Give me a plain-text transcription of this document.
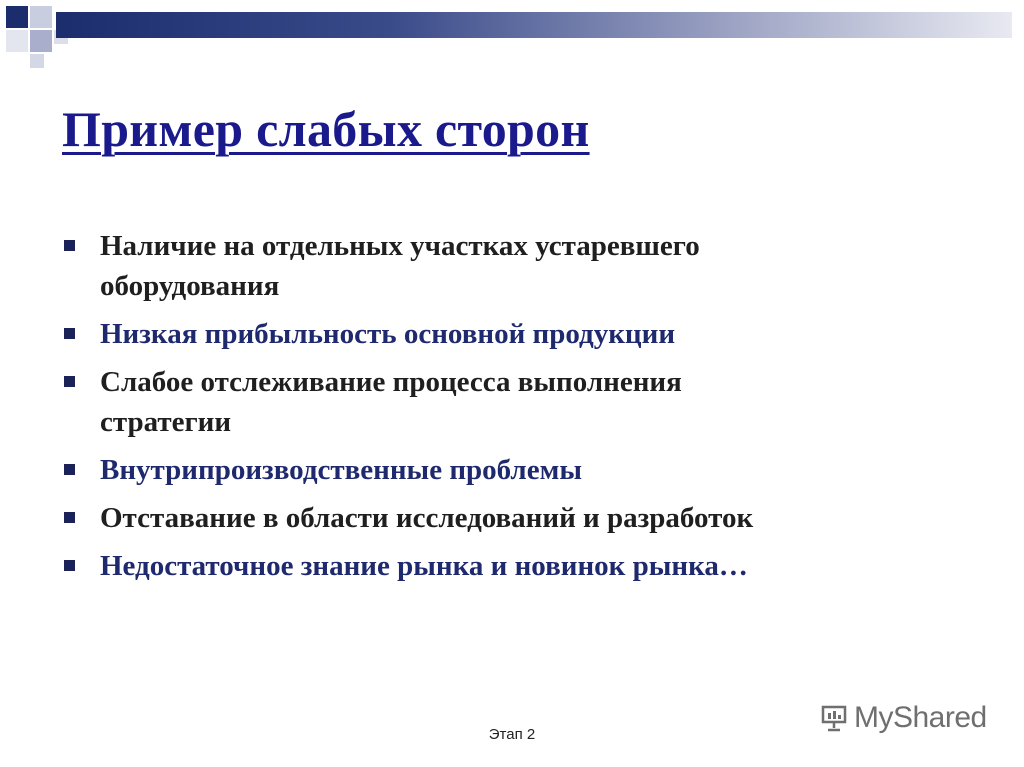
Пример слабых сторон
Наличие на отдельных участках устаревшего
оборудования
Низкая прибыльность основной продукции
Слабое отслеживание процесса выполнения
стратегии
Внутрипроизводственные проблемы
Отставание в области исследований и разработок
Недостаточное знание рынка и новинок рынка…
MyShared
Этап 2
